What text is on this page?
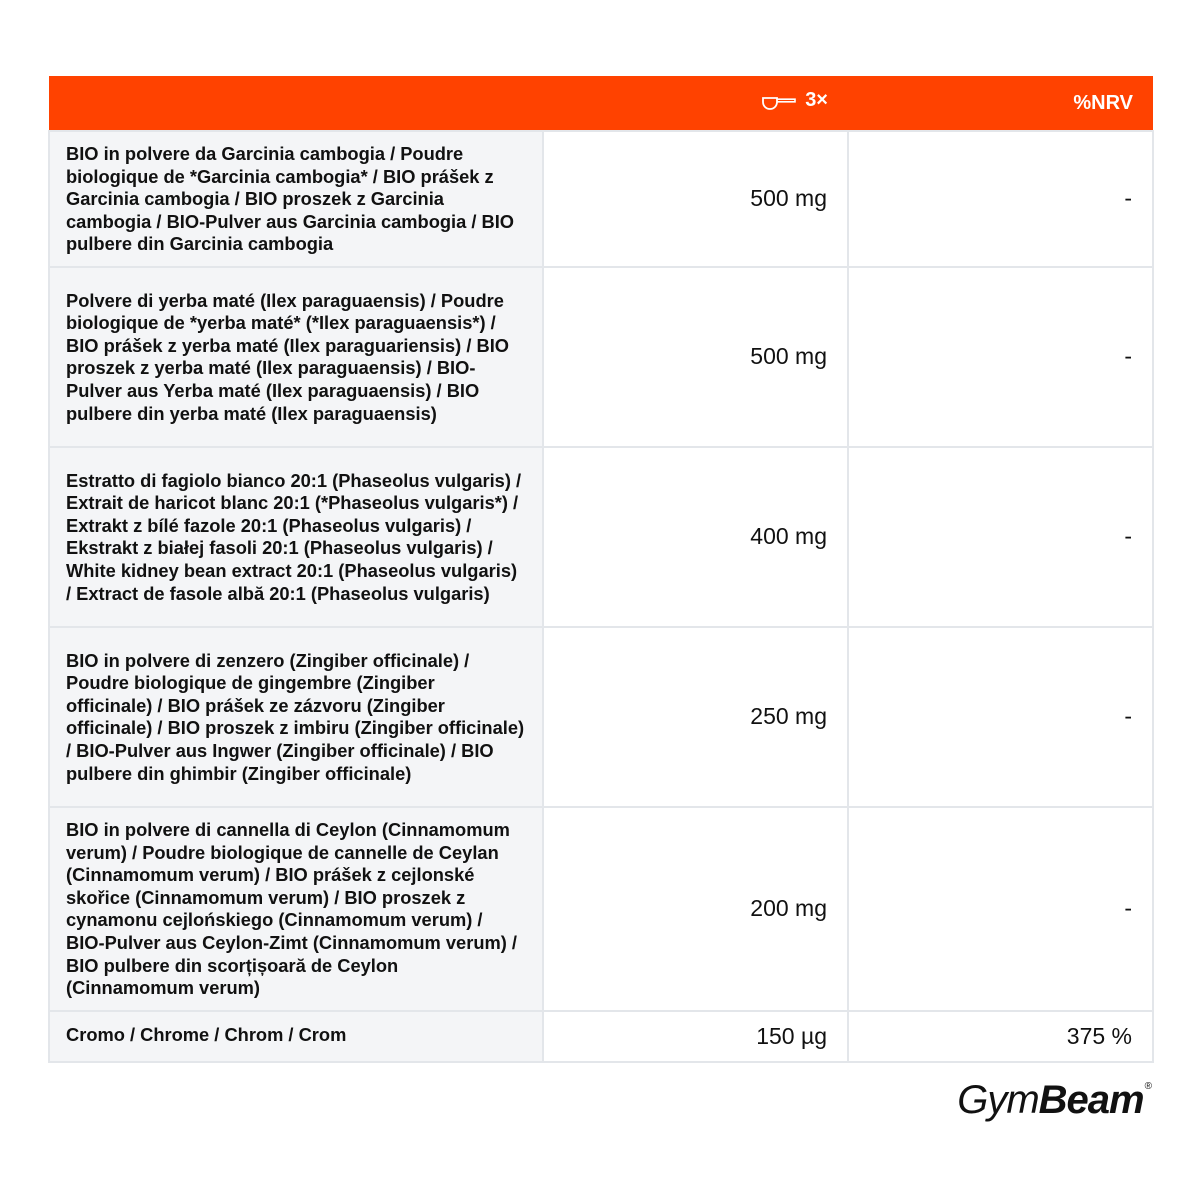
	3×	%NRV
BIO in polvere da Garcinia cambogia / Poudre biologique de *Garcinia cambogia* / BIO prášek z Garcinia cambogia / BIO proszek z Garcinia cambogia / BIO-Pulver aus Garcinia cambogia / BIO pulbere din Garcinia cambogia	500 mg	-
Polvere di yerba maté (Ilex paraguaensis) / Poudre biologique de *yerba maté* (*Ilex paraguaensis*) / BIO prášek z yerba maté (Ilex paraguariensis) / BIO proszek z yerba maté (Ilex paraguaensis) / BIO-Pulver aus Yerba maté (Ilex paraguaensis) / BIO pulbere din yerba maté (Ilex paraguaensis)	500 mg	-
Estratto di fagiolo bianco 20:1 (Phaseolus vulgaris) / Extrait de haricot blanc 20:1 (*Phaseolus vulgaris*) / Extrakt z bílé fazole 20:1 (Phaseolus vulgaris) / Ekstrakt z białej fasoli 20:1 (Phaseolus vulgaris) / White kidney bean extract 20:1 (Phaseolus vulgaris) / Extract de fasole albă 20:1 (Phaseolus vulgaris)	400 mg	-
BIO in polvere di zenzero (Zingiber officinale) / Poudre biologique de gingembre (Zingiber officinale) / BIO prášek ze zázvoru (Zingiber officinale) / BIO proszek z imbiru (Zingiber officinale) / BIO-Pulver aus Ingwer (Zingiber officinale) / BIO pulbere din ghimbir (Zingiber officinale)	250 mg	-
BIO in polvere di cannella di Ceylon (Cinnamomum verum) / Poudre biologique de cannelle de Ceylan (Cinnamomum verum) / BIO prášek z cejlonské skořice (Cinnamomum verum) / BIO proszek z cynamonu cejlońskiego (Cinnamomum verum) / BIO-Pulver aus Ceylon-Zimt (Cinnamomum verum) / BIO pulbere din scorțișoară de Ceylon (Cinnamomum verum)	200 mg	-
Cromo / Chrome / Chrom / Crom	150 µg	375 %
Gym Beam ®
